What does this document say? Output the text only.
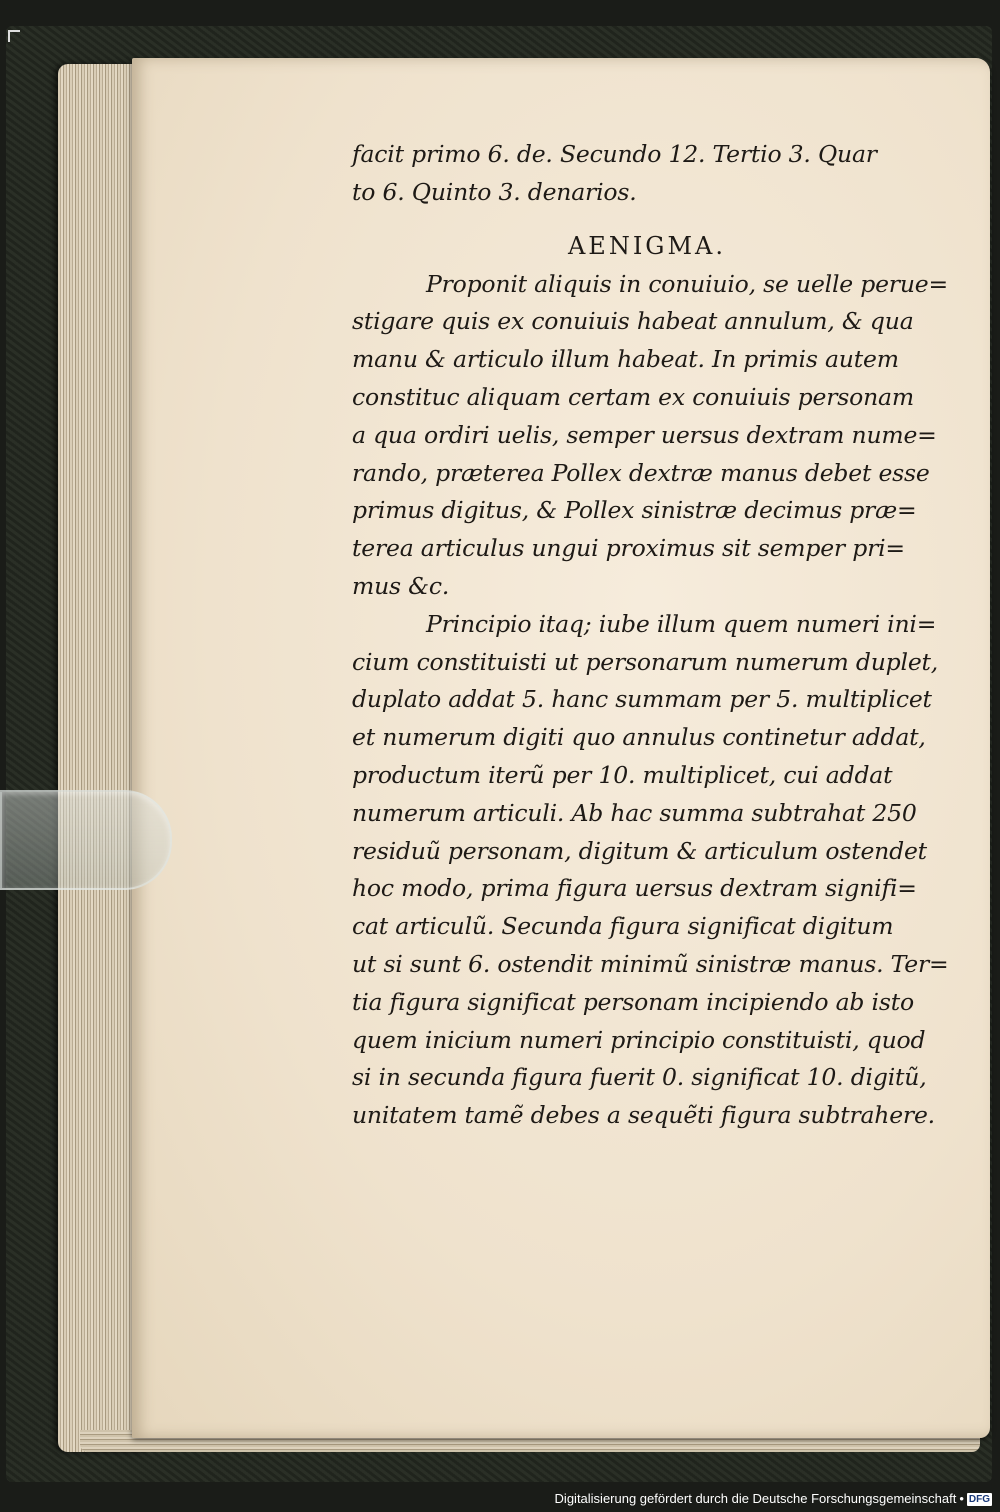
facit primo 6. de. Secundo 12. Tertio 3. Quar
to 6. Quinto 3. denarios.
AENIGMA.
Proponit aliquis in conuiuio, se uelle perue=
stigare quis ex conuiuis habeat annulum, & qua
manu & articulo illum habeat. In primis autem
constituc aliquam certam ex conuiuis personam
a qua ordiri uelis, semper uersus dextram nume=
rando, prætereа Pollex dextræ manus debet esse
primus digitus, & Pollex sinistræ decimus præ=
terea articulus ungui proximus sit semper pri=
mus &c.
Principio itaq; iube illum quem numeri ini=
cium constituisti ut personarum numerum duplet,
duplato addat 5. hanc summam per 5. multiplicet
et numerum digiti quo annulus continetur addat,
productum iterũ per 10. multiplicet, cui addat
numerum articuli. Ab hac summa subtrahat 250
residuũ personam, digitum & articulum ostendet
hoc modo, prima figura uersus dextram signifi=
cat articulũ. Secunda figura significat digitum
ut si sunt 6. ostendit minimũ sinistræ manus. Ter=
tia figura significat personam incipiendo ab isto
quem inicium numeri principio constituisti, quod
si in secunda figura fuerit 0. significat 10. digitũ,
unitatem tamẽ debes a sequẽti figura subtrahere.
Digitalisierung gefördert durch die Deutsche Forschungsgemeinschaft • DFG
